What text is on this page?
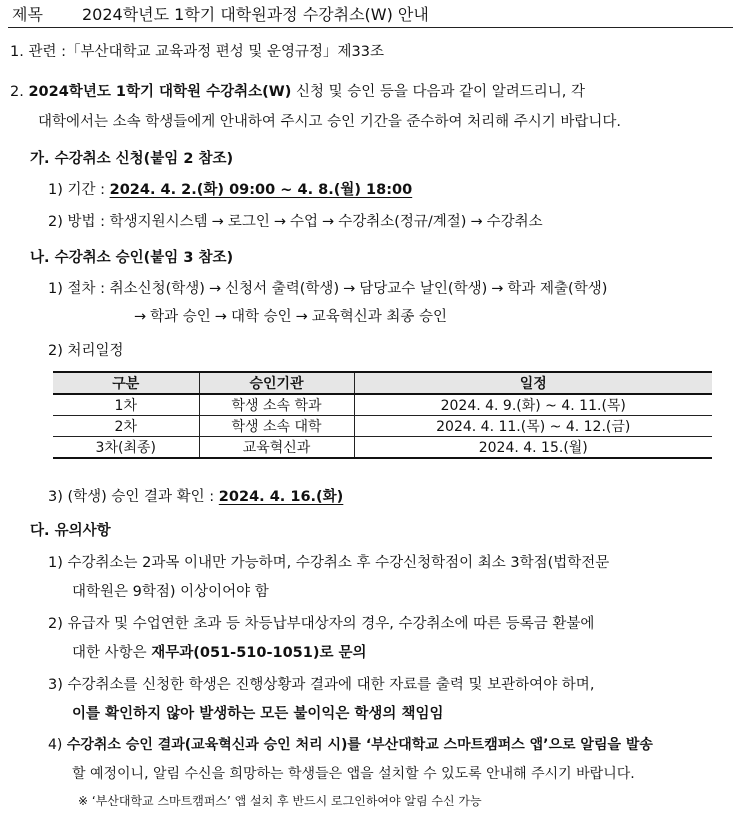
제목 2024학년도 1학기 대학원과정 수강취소(W) 안내
1. 관련 :「부산대학교 교육과정 편성 및 운영규정」제33조
2. 2024학년도 1학기 대학원 수강취소(W) 신청 및 승인 등을 다음과 같이 알려드리니, 각
대학에서는 소속 학생들에게 안내하여 주시고 승인 기간을 준수하여 처리해 주시기 바랍니다.
가. 수강취소 신청(붙임 2 참조)
1) 기간 : 2024. 4. 2.(화) 09:00 ~ 4. 8.(월) 18:00
2) 방법 : 학생지원시스템 → 로그인 → 수업 → 수강취소(정규/계절) → 수강취소
나. 수강취소 승인(붙임 3 참조)
1) 절차 : 취소신청(학생) → 신청서 출력(학생) → 담당교수 날인(학생) → 학과 제출(학생)
→ 학과 승인 → 대학 승인 → 교육혁신과 최종 승인
2) 처리일정
구분	승인기관	일정
1차	학생 소속 학과	2024. 4. 9.(화) ~ 4. 11.(목)
2차	학생 소속 대학	2024. 4. 11.(목) ~ 4. 12.(금)
3차(최종)	교육혁신과	2024. 4. 15.(월)
3) (학생) 승인 결과 확인 : 2024. 4. 16.(화)
다. 유의사항
1) 수강취소는 2과목 이내만 가능하며, 수강취소 후 수강신청학점이 최소 3학점(법학전문
대학원은 9학점) 이상이어야 함
2) 유급자 및 수업연한 초과 등 차등납부대상자의 경우, 수강취소에 따른 등록금 환불에
대한 사항은 재무과(051-510-1051)로 문의
3) 수강취소를 신청한 학생은 진행상황과 결과에 대한 자료를 출력 및 보관하여야 하며,
이를 확인하지 않아 발생하는 모든 불이익은 학생의 책임임
4) 수강취소 승인 결과(교육혁신과 승인 처리 시)를 ‘부산대학교 스마트캠퍼스 앱’으로 알림을 발송
할 예정이니, 알림 수신을 희망하는 학생들은 앱을 설치할 수 있도록 안내해 주시기 바랍니다.
※ ‘부산대학교 스마트캠퍼스’ 앱 설치 후 반드시 로그인하여야 알림 수신 가능
